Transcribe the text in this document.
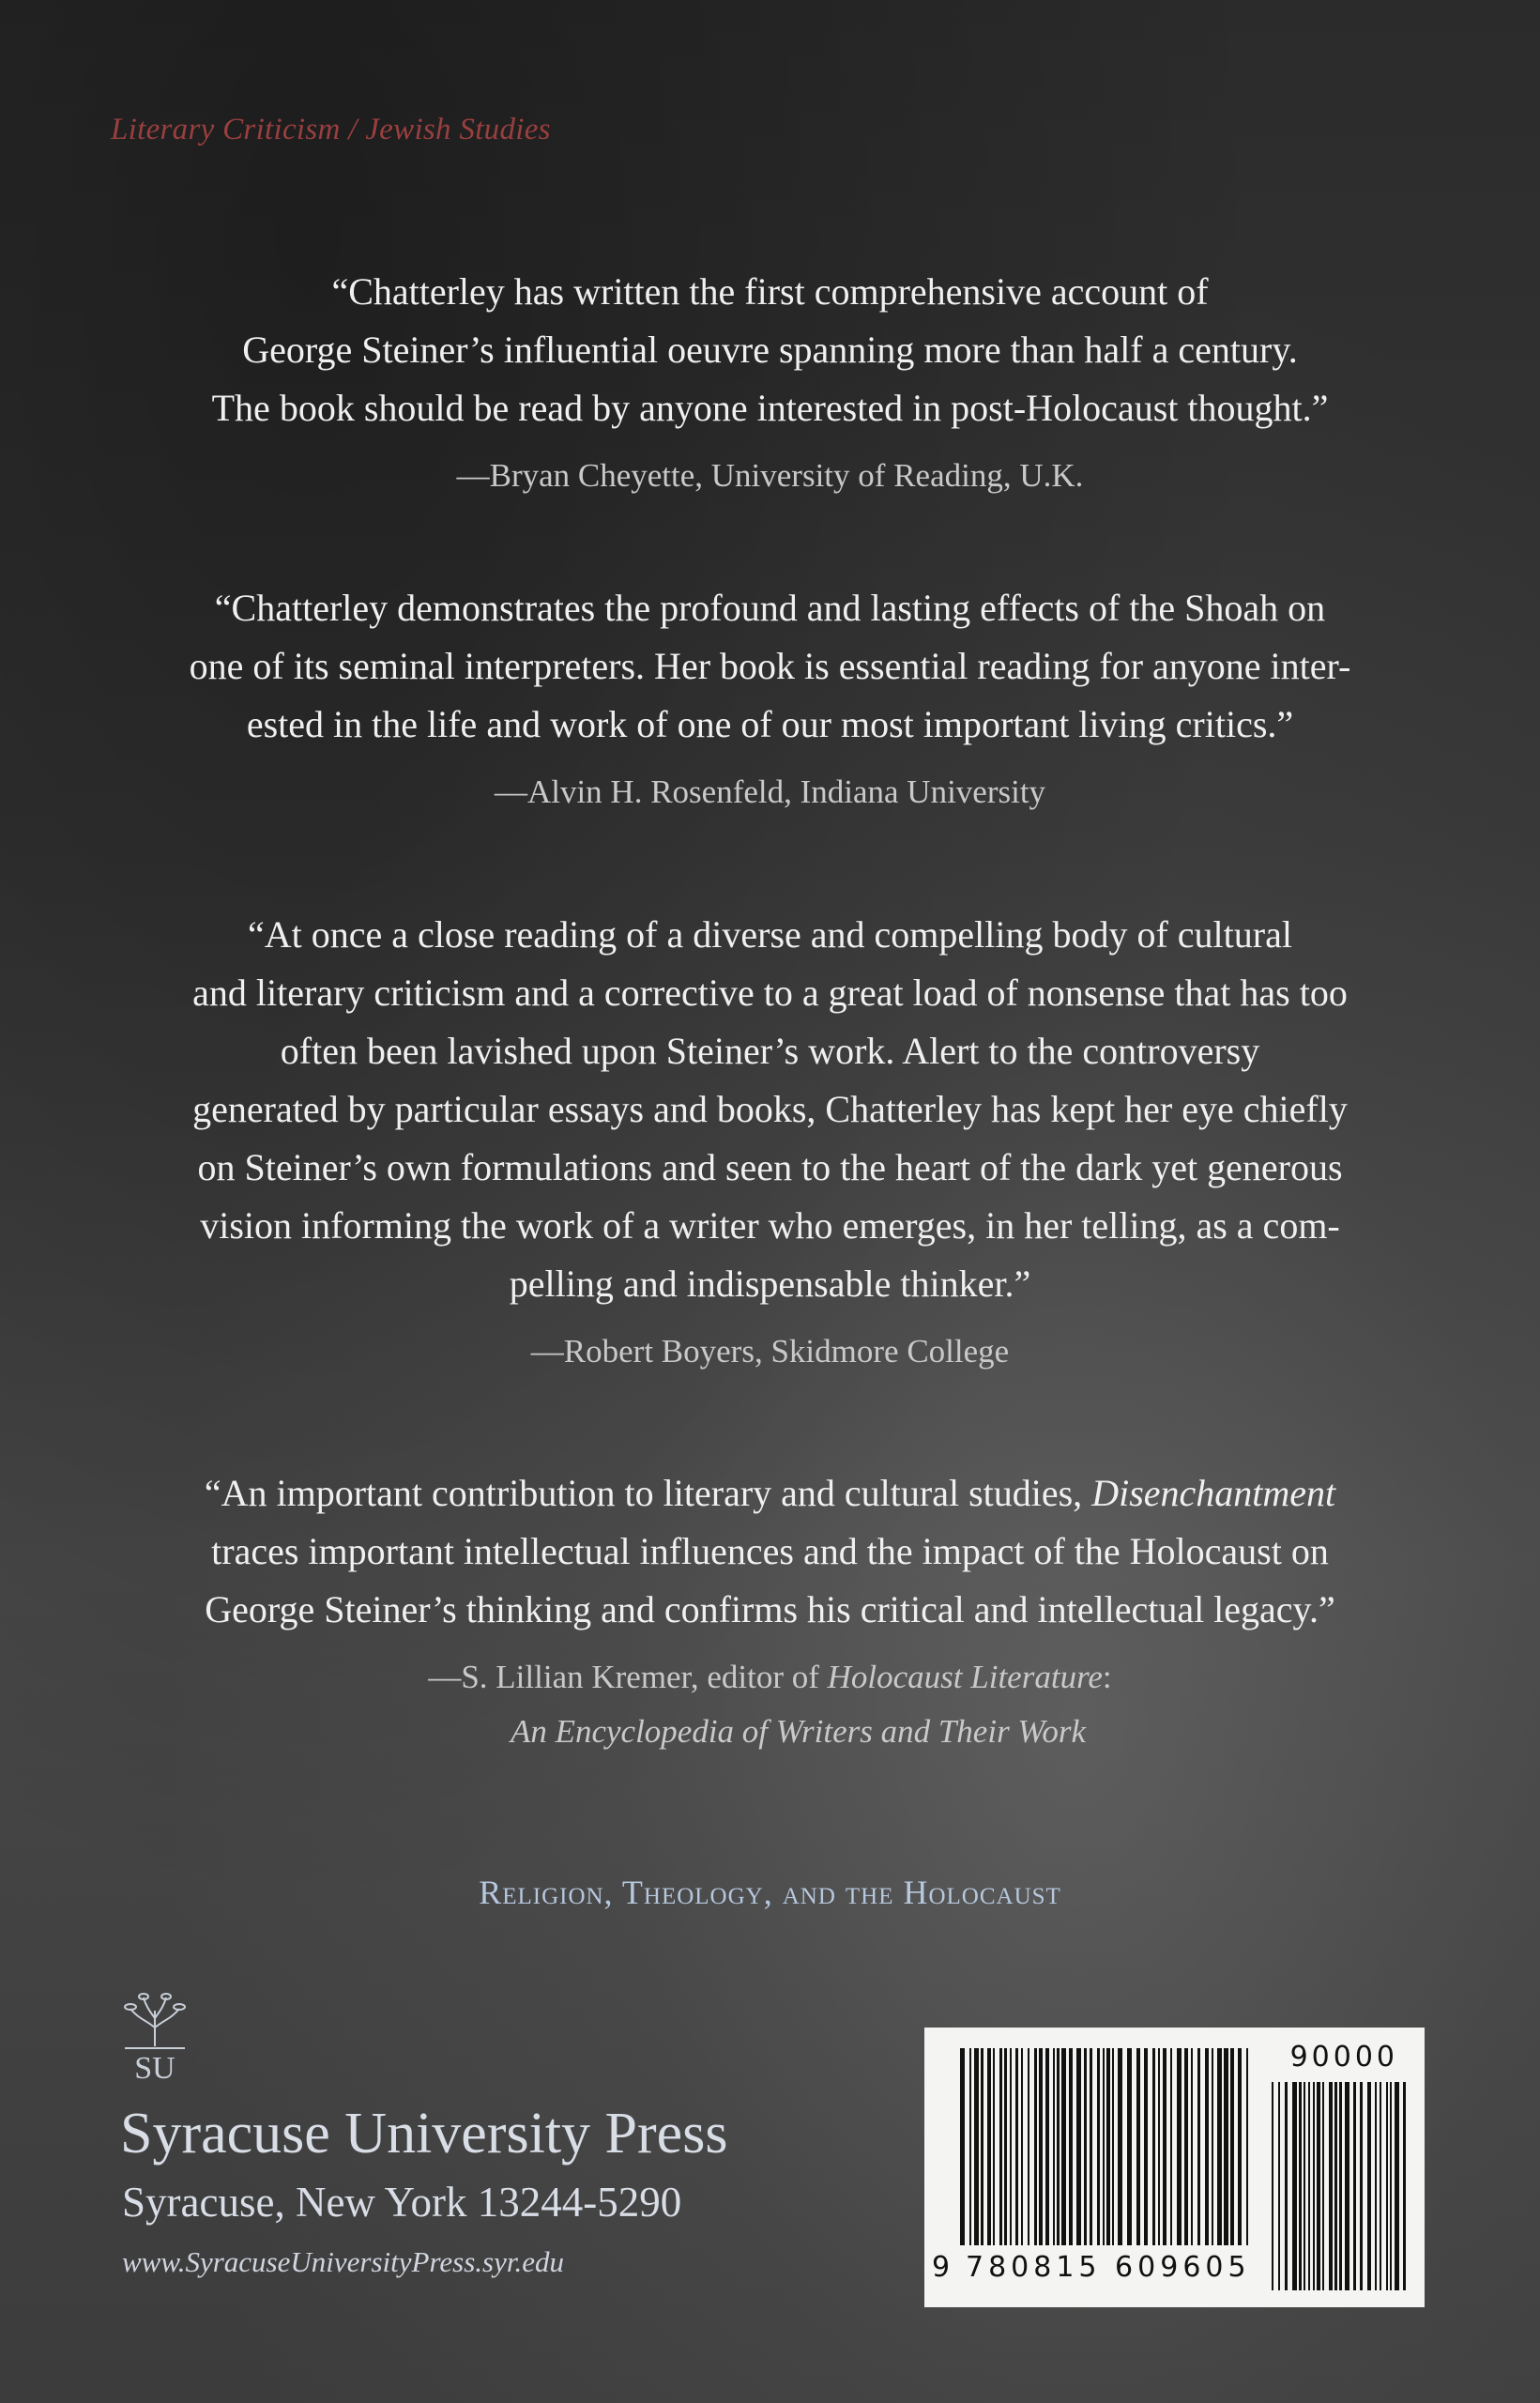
Literary Criticism / Jewish Studies
“Chatterley has written the first comprehensive account of
George Steiner’s influential oeuvre spanning more than half a century.
The book should be read by anyone interested in post-Holocaust thought.”
—Bryan Cheyette, University of Reading, U.K.
“Chatterley demonstrates the profound and lasting effects of the Shoah on
one of its seminal interpreters. Her book is essential reading for anyone inter-
ested in the life and work of one of our most important living critics.”
—Alvin H. Rosenfeld, Indiana University
“At once a close reading of a diverse and compelling body of cultural
and literary criticism and a corrective to a great load of nonsense that has too
often been lavished upon Steiner’s work. Alert to the controversy
generated by particular essays and books, Chatterley has kept her eye chiefly
on Steiner’s own formulations and seen to the heart of the dark yet generous
vision informing the work of a writer who emerges, in her telling, as a com-
pelling and indispensable thinker.”
—Robert Boyers, Skidmore College
“An important contribution to literary and cultural studies, Disenchantment
traces important intellectual influences and the impact of the Holocaust on
George Steiner’s thinking and confirms his critical and intellectual legacy.”
—S. Lillian Kremer, editor of Holocaust Literature:
An Encyclopedia of Writers and Their Work
Religion, Theology, and the Holocaust
SU
Syracuse University Press
Syracuse, New York 13244-5290
www.SyracuseUniversityPress.syr.edu
90000
9 780815 609605
